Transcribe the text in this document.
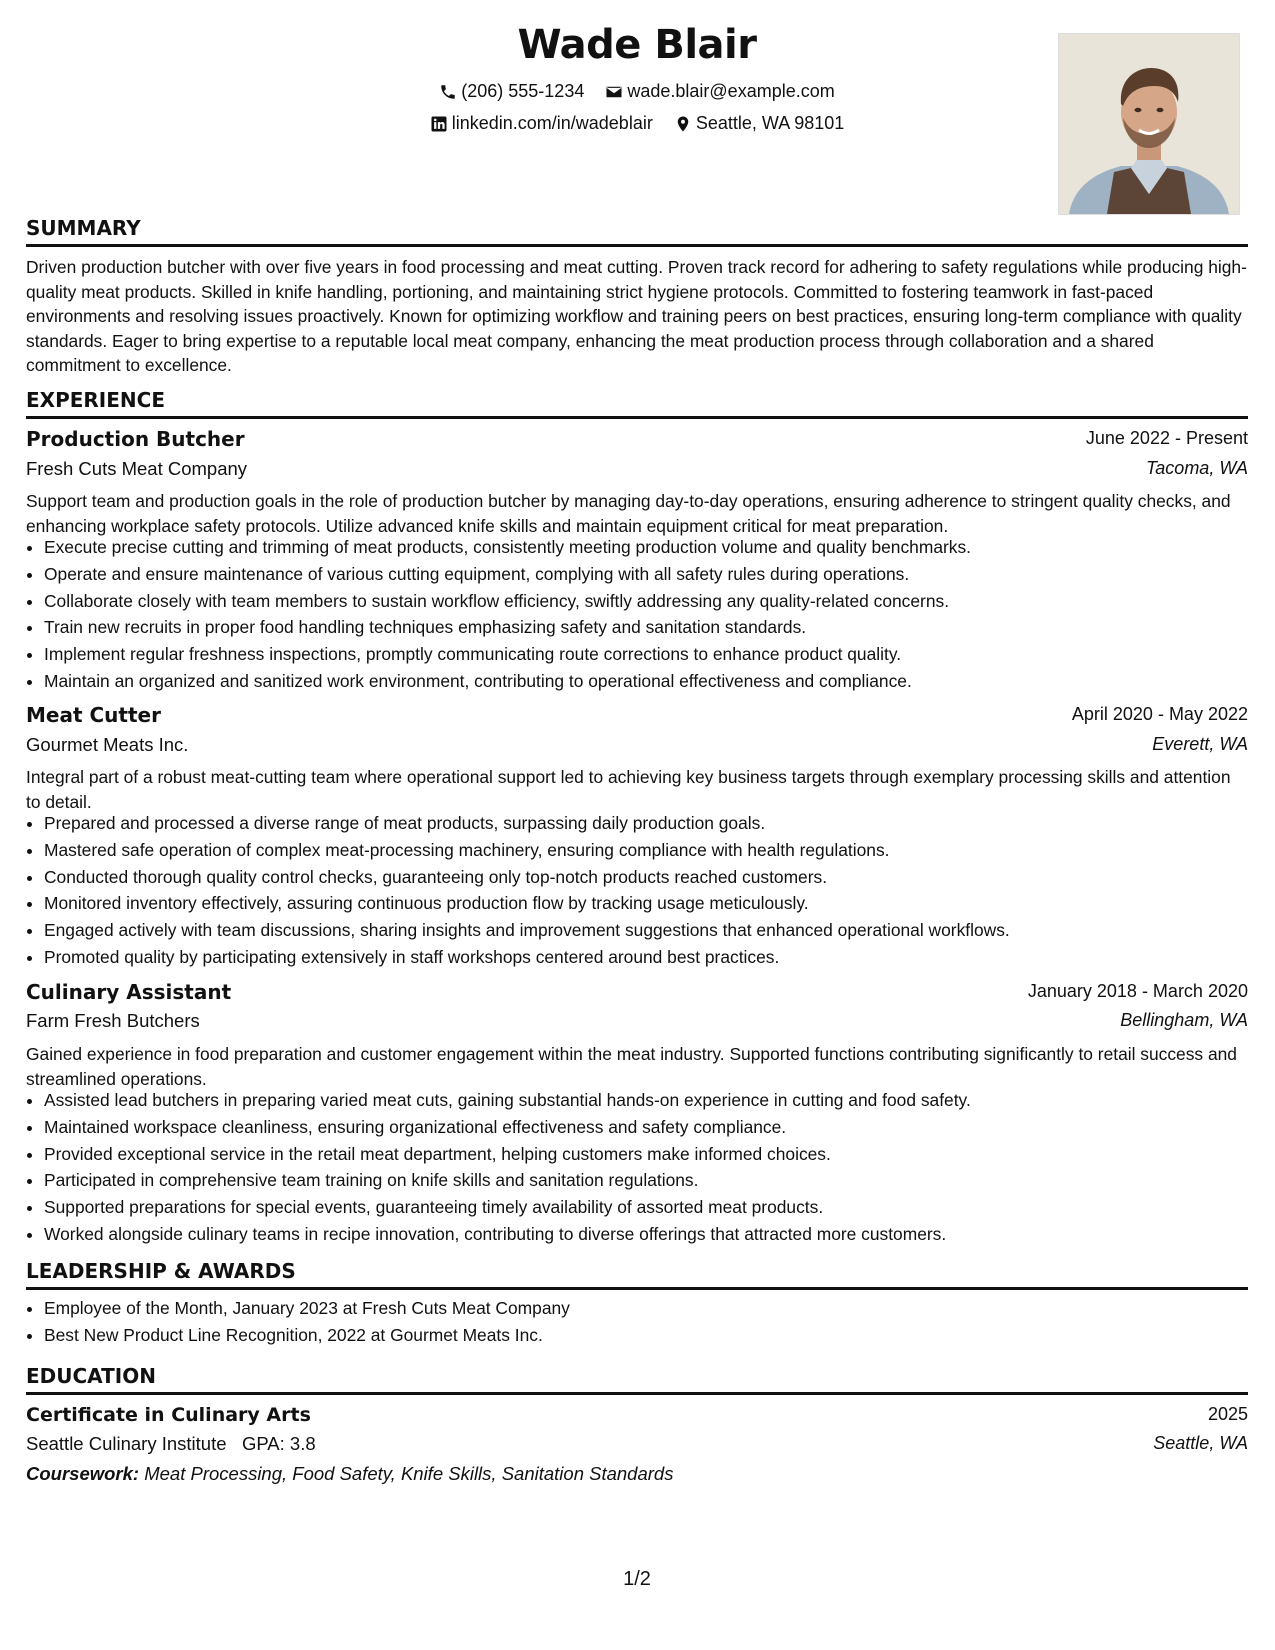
Wade Blair
(206) 555-1234
wade.blair@example.com
linkedin.com/in/wadeblair
Seattle, WA 98101
SUMMARY
Driven production butcher with over five years in food processing and meat cutting. Proven track record for adhering to safety regulations while producing high-quality meat products. Skilled in knife handling, portioning, and maintaining strict hygiene protocols. Committed to fostering teamwork in fast-paced environments and resolving issues proactively. Known for optimizing workflow and training peers on best practices, ensuring long-term compliance with quality standards. Eager to bring expertise to a reputable local meat company, enhancing the meat production process through collaboration and a shared commitment to excellence.
EXPERIENCE
Production Butcher	June 2022 - Present
Fresh Cuts Meat Company	Tacoma, WA
Support team and production goals in the role of production butcher by managing day-to-day operations, ensuring adherence to stringent quality checks, and enhancing workplace safety protocols. Utilize advanced knife skills and maintain equipment critical for meat preparation.
• Execute precise cutting and trimming of meat products, consistently meeting production volume and quality benchmarks.
• Operate and ensure maintenance of various cutting equipment, complying with all safety rules during operations.
• Collaborate closely with team members to sustain workflow efficiency, swiftly addressing any quality-related concerns.
• Train new recruits in proper food handling techniques emphasizing safety and sanitation standards.
• Implement regular freshness inspections, promptly communicating route corrections to enhance product quality.
• Maintain an organized and sanitized work environment, contributing to operational effectiveness and compliance.
Meat Cutter	April 2020 - May 2022
Gourmet Meats Inc.	Everett, WA
Integral part of a robust meat-cutting team where operational support led to achieving key business targets through exemplary processing skills and attention to detail.
• Prepared and processed a diverse range of meat products, surpassing daily production goals.
• Mastered safe operation of complex meat-processing machinery, ensuring compliance with health regulations.
• Conducted thorough quality control checks, guaranteeing only top-notch products reached customers.
• Monitored inventory effectively, assuring continuous production flow by tracking usage meticulously.
• Engaged actively with team discussions, sharing insights and improvement suggestions that enhanced operational workflows.
• Promoted quality by participating extensively in staff workshops centered around best practices.
Culinary Assistant	January 2018 - March 2020
Farm Fresh Butchers	Bellingham, WA
Gained experience in food preparation and customer engagement within the meat industry. Supported functions contributing significantly to retail success and streamlined operations.
• Assisted lead butchers in preparing varied meat cuts, gaining substantial hands-on experience in cutting and food safety.
• Maintained workspace cleanliness, ensuring organizational effectiveness and safety compliance.
• Provided exceptional service in the retail meat department, helping customers make informed choices.
• Participated in comprehensive team training on knife skills and sanitation regulations.
• Supported preparations for special events, guaranteeing timely availability of assorted meat products.
• Worked alongside culinary teams in recipe innovation, contributing to diverse offerings that attracted more customers.
LEADERSHIP & AWARDS
• Employee of the Month, January 2023 at Fresh Cuts Meat Company
• Best New Product Line Recognition, 2022 at Gourmet Meats Inc.
EDUCATION
Certificate in Culinary Arts	2025
Seattle Culinary Institute GPA: 3.8	Seattle, WA
Coursework: Meat Processing, Food Safety, Knife Skills, Sanitation Standards
1/2
